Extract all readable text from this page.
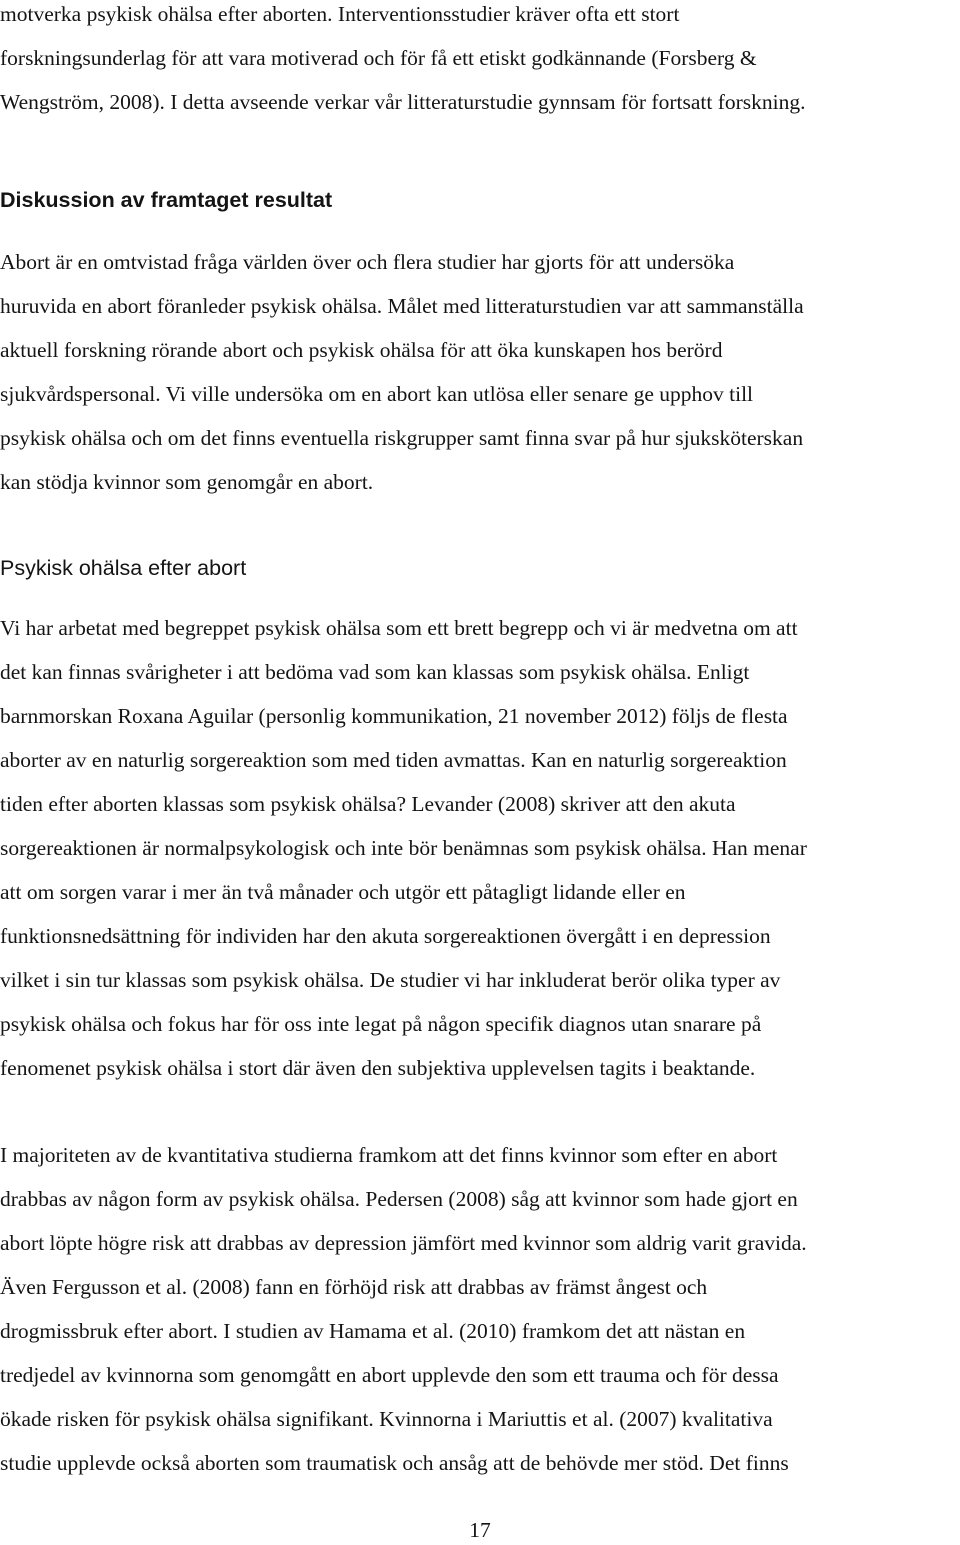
motverka psykisk ohälsa efter aborten. Interventionsstudier kräver ofta ett stort
forskningsunderlag för att vara motiverad och för få ett etiskt godkännande (Forsberg &
Wengström, 2008). I detta avseende verkar vår litteraturstudie gynnsam för fortsatt forskning.
Diskussion av framtaget resultat
Abort är en omtvistad fråga världen över och flera studier har gjorts för att undersöka
huruvida en abort föranleder psykisk ohälsa. Målet med litteraturstudien var att sammanställa
aktuell forskning rörande abort och psykisk ohälsa för att öka kunskapen hos berörd
sjukvårdspersonal. Vi ville undersöka om en abort kan utlösa eller senare ge upphov till
psykisk ohälsa och om det finns eventuella riskgrupper samt finna svar på hur sjuksköterskan
kan stödja kvinnor som genomgår en abort.
Psykisk ohälsa efter abort
Vi har arbetat med begreppet psykisk ohälsa som ett brett begrepp och vi är medvetna om att
det kan finnas svårigheter i att bedöma vad som kan klassas som psykisk ohälsa. Enligt
barnmorskan Roxana Aguilar (personlig kommunikation, 21 november 2012) följs de flesta
aborter av en naturlig sorgereaktion som med tiden avmattas. Kan en naturlig sorgereaktion
tiden efter aborten klassas som psykisk ohälsa? Levander (2008) skriver att den akuta
sorgereaktionen är normalpsykologisk och inte bör benämnas som psykisk ohälsa. Han menar
att om sorgen varar i mer än två månader och utgör ett påtagligt lidande eller en
funktionsnedsättning för individen har den akuta sorgereaktionen övergått i en depression
vilket i sin tur klassas som psykisk ohälsa. De studier vi har inkluderat berör olika typer av
psykisk ohälsa och fokus har för oss inte legat på någon specifik diagnos utan snarare på
fenomenet psykisk ohälsa i stort där även den subjektiva upplevelsen tagits i beaktande.
I majoriteten av de kvantitativa studierna framkom att det finns kvinnor som efter en abort
drabbas av någon form av psykisk ohälsa. Pedersen (2008) såg att kvinnor som hade gjort en
abort löpte högre risk att drabbas av depression jämfört med kvinnor som aldrig varit gravida.
Även Fergusson et al. (2008) fann en förhöjd risk att drabbas av främst ångest och
drogmissbruk efter abort. I studien av Hamama et al. (2010) framkom det att nästan en
tredjedel av kvinnorna som genomgått en abort upplevde den som ett trauma och för dessa
ökade risken för psykisk ohälsa signifikant. Kvinnorna i Mariuttis et al. (2007) kvalitativa
studie upplevde också aborten som traumatisk och ansåg att de behövde mer stöd. Det finns
17
